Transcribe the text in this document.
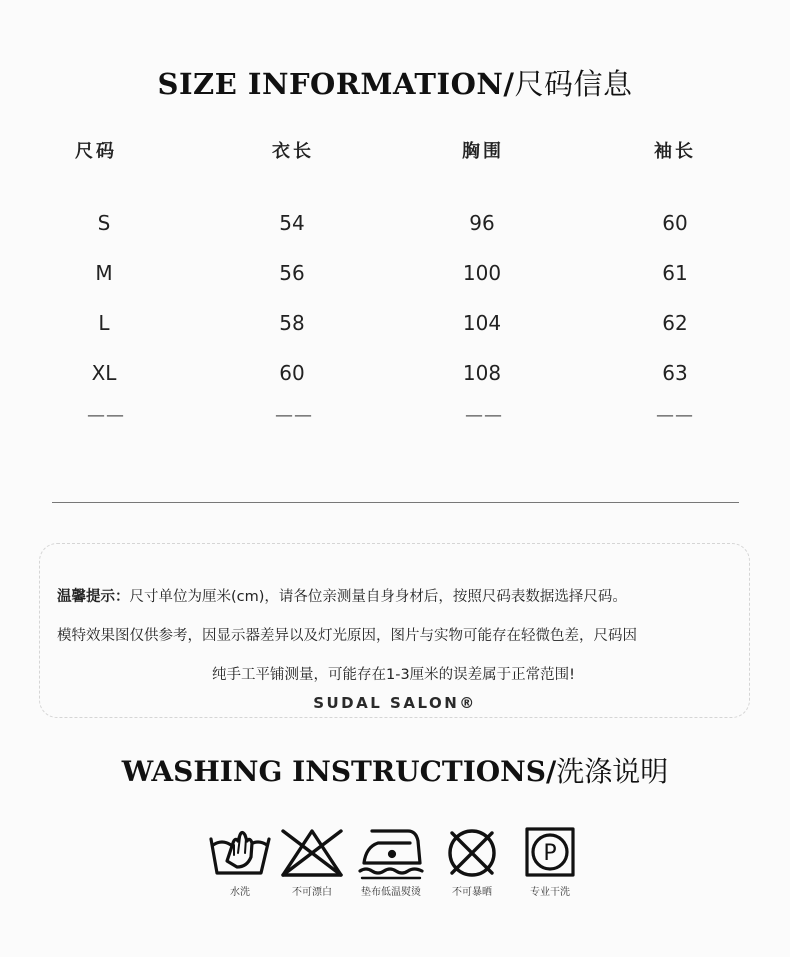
SIZE INFORMATION/尺码信息
尺码	衣长	胸围	袖长
S	54	96	60
M	56	100	61
L	58	104	62
XL	60	108	63
——	——	——	——
温馨提示：尺寸单位为厘米(cm)，请各位亲测量自身身材后，按照尺码表数据选择尺码。
模特效果图仅供参考，因显示器差异以及灯光原因，图片与实物可能存在轻微色差，尺码因
纯手工平铺测量，可能存在1-3厘米的误差属于正常范围!
SUDAL SALON®
WASHING INSTRUCTIONS/洗涤说明
水洗	不可漂白	垫布低温熨烫	不可暴晒
P
专业干洗
